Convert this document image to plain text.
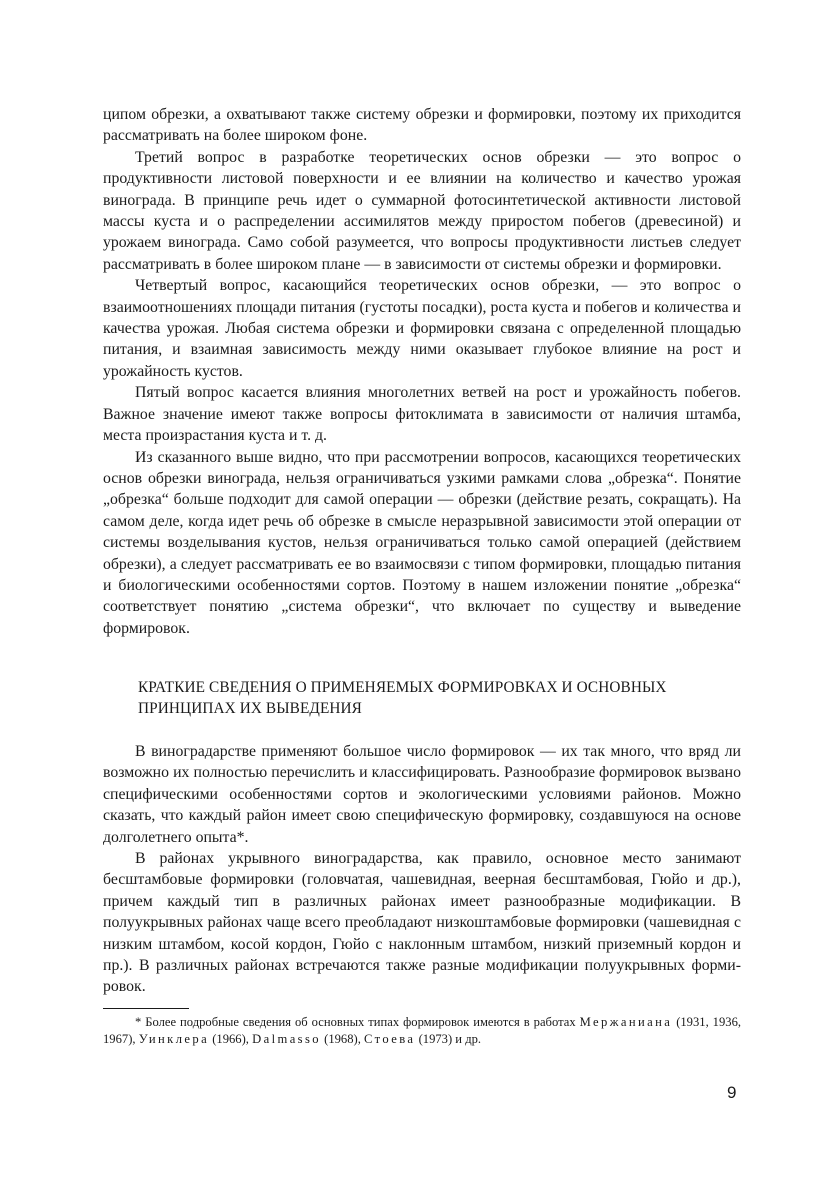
ципом обрезки, а охватывают также систему обрезки и формировки, поэтому их приходится рассматривать на более широком фоне.

Третий вопрос в разработке теоретических основ обрезки — это вопрос о продуктивности листовой поверхности и ее влиянии на количество и качество урожая винограда. В принципе речь идет о суммарной фотосинтетической активности листовой массы куста и о распределении ассимилятов между приростом побегов (древесиной) и урожаем винограда. Само собой разумеется, что вопросы продуктивности листьев следует рассматривать в более широком плане — в зависимости от системы обрезки и формировки.

Четвертый вопрос, касающийся теоретических основ обрезки, — это вопрос о взаимоотношениях площади питания (густоты посадки), роста куста и побегов и количества и качества урожая. Любая система обрезки и формировки связана с определенной площадью питания, и взаимная зависимость между ними оказывает глубокое влияние на рост и урожайность кустов.

Пятый вопрос касается влияния многолетних ветвей на рост и урожайность побегов. Важное значение имеют также вопросы фитоклимата в зависимости от наличия штамба, места произрастания куста и т. д.

Из сказанного выше видно, что при рассмотрении вопросов, касающихся теоретических основ обрезки винограда, нельзя ограничиваться узкими рамками слова „обрезка“. Понятие „обрезка“ больше подходит для самой операции — обрезки (действие резать, сокращать). На самом деле, когда идет речь об обрезке в смысле неразрывной зависимости этой операции от системы возделывания кустов, нельзя ограничиваться только самой операцией (действием обрезки), а следует рассматривать ее во взаимосвязи с типом формировки, площадью питания и биологическими особенностями сортов. Поэтому в нашем изложении понятие „обрезка“ соответствует понятию „система обрезки“, что включает по существу и выведение формировок.

КРАТКИЕ СВЕДЕНИЯ О ПРИМЕНЯЕМЫХ ФОРМИРОВКАХ И ОСНОВНЫХ ПРИНЦИПАХ ИХ ВЫВЕДЕНИЯ

В виноградарстве применяют большое число формировок — их так много, что вряд ли возможно их полностью перечислить и классифицировать. Разнообразие формировок вызвано специфическими особенностями сортов и экологическими условиями районов. Можно сказать, что каждый район имеет свою специфическую формировку, создавшуюся на основе долголетнего опыта*.

В районах укрывного виноградарства, как правило, основное место занимают бесштамбовые формировки (головчатая, чашевидная, веерная бесштамбовая, Гюйо и др.), причем каждый тип в различных районах имеет разнообразные модификации. В полуукрывных районах чаще всего преобладают низкоштамбовые формировки (чашевидная с низким штамбом, косой кордон, Гюйо с наклонным штамбом, низкий приземный кордон и пр.). В различных районах встречаются также разные модификации полуукрывных формировок.

* Более подробные сведения об основных типах формировок имеются в работах Мержаниана (1931, 1936, 1967), Уинклера (1966), Dalmasso (1968), Стоева (1973) и др.

9
